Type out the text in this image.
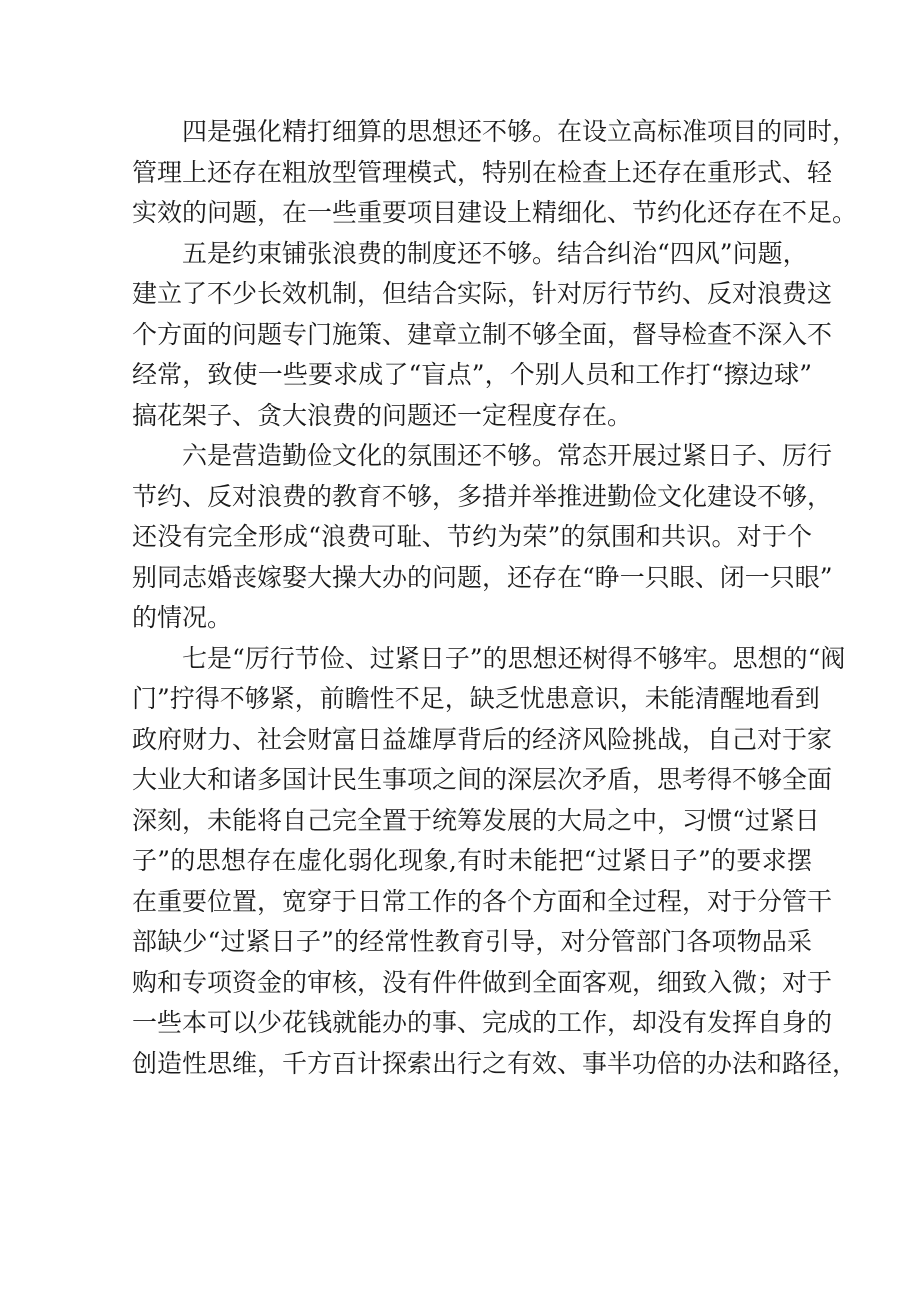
四是强化精打细算的思想还不够。在设立高标准项目的同时，
管理上还存在粗放型管理模式，特别在检查上还存在重形式、轻
实效的问题，在一些重要项目建设上精细化、节约化还存在不足。
五是约束铺张浪费的制度还不够。结合纠治“四风”问题，
建立了不少长效机制，但结合实际，针对厉行节约、反对浪费这
个方面的问题专门施策、建章立制不够全面，督导检查不深入不
经常，致使一些要求成了“盲点”，个别人员和工作打“擦边球”
搞花架子、贪大浪费的问题还一定程度存在。
六是营造勤俭文化的氛围还不够。常态开展过紧日子、厉行
节约、反对浪费的教育不够，多措并举推进勤俭文化建设不够，
还没有完全形成“浪费可耻、节约为荣”的氛围和共识。对于个
别同志婚丧嫁娶大操大办的问题，还存在“睁一只眼、闭一只眼”
的情况。
七是“厉行节俭、过紧日子”的思想还树得不够牢。思想的“阀
门”拧得不够紧，前瞻性不足，缺乏忧患意识，未能清醒地看到
政府财力、社会财富日益雄厚背后的经济风险挑战，自己对于家
大业大和诸多国计民生事项之间的深层次矛盾，思考得不够全面
深刻，未能将自己完全置于统筹发展的大局之中，习惯“过紧日
子”的思想存在虚化弱化现象,有时未能把“过紧日子”的要求摆
在重要位置，宽穿于日常工作的各个方面和全过程，对于分管干
部缺少“过紧日子”的经常性教育引导，对分管部门各项物品采
购和专项资金的审核，没有件件做到全面客观，细致入微；对于
一些本可以少花钱就能办的事、完成的工作，却没有发挥自身的
创造性思维，千方百计探索出行之有效、事半功倍的办法和路径，
